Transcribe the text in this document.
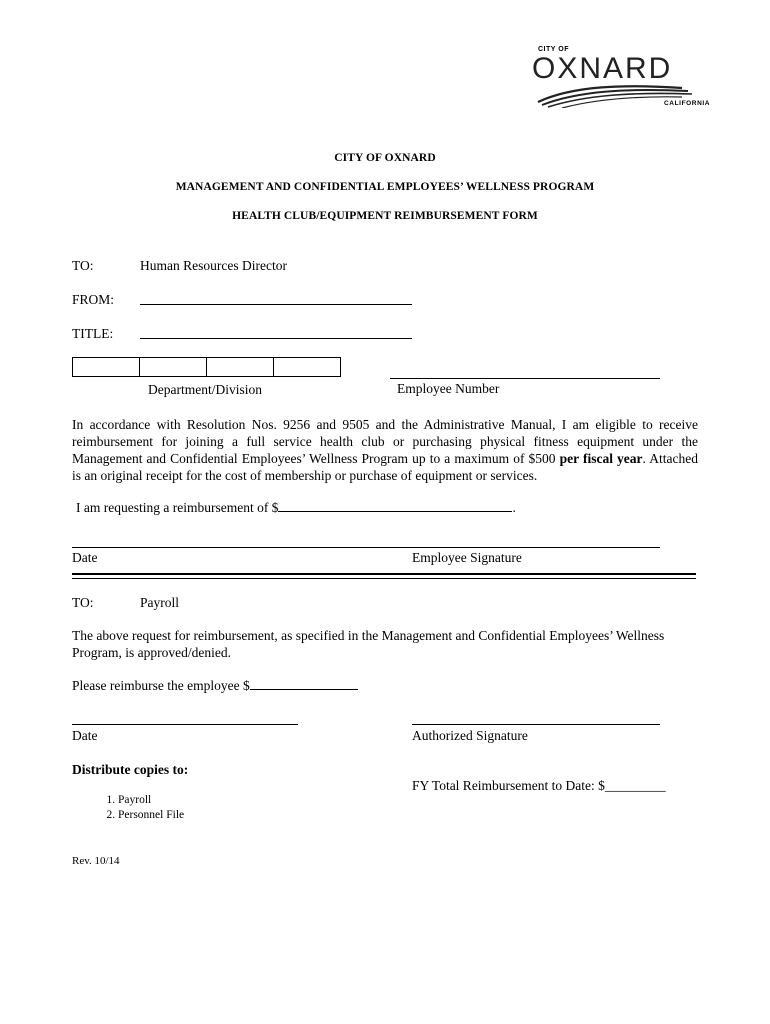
CITY OF
OXNARD
CALIFORNIA
CITY OF OXNARD
MANAGEMENT AND CONFIDENTIAL EMPLOYEES’ WELLNESS PROGRAM
HEALTH CLUB/EQUIPMENT REIMBURSEMENT FORM
TO:	Human Resources Director
FROM:
TITLE:
Department/Division	Employee Number
In accordance with Resolution Nos. 9256 and 9505 and the Administrative Manual, I am eligible to receive reimbursement for joining a full service health club or purchasing physical fitness equipment under the Management and Confidential Employees’ Wellness Program up to a maximum of $500 per fiscal year. Attached is an original receipt for the cost of membership or purchase of equipment or services.
I am requesting a reimbursement of $	.
Date	Employee Signature
TO:	Payroll
The above request for reimbursement, as specified in the Management and Confidential Employees’ Wellness Program, is approved/denied.
Please reimburse the employee $
Date	Authorized Signature
Distribute copies to:
FY Total Reimbursement to Date: $_________
1. Payroll
2. Personnel File
Rev. 10/14
